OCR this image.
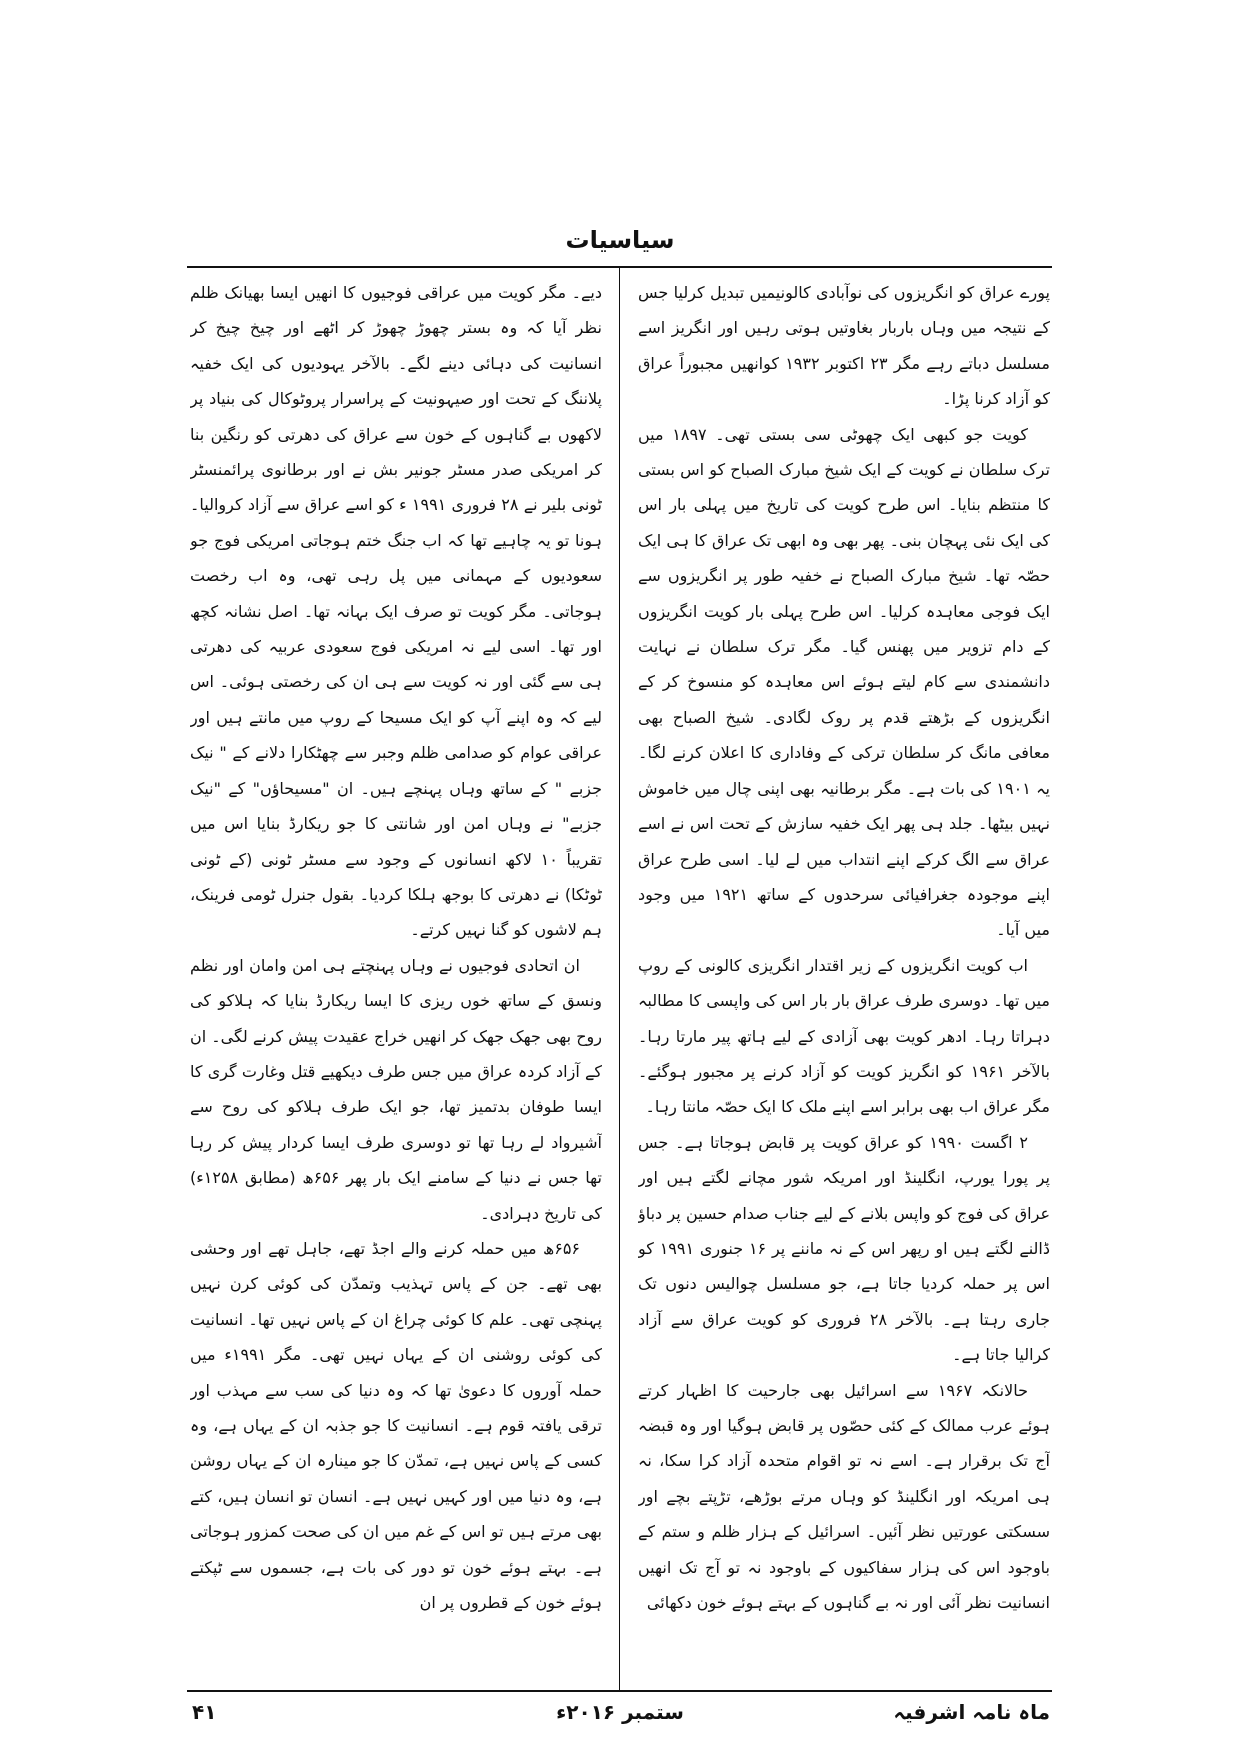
سیاسیات

پورے عراق کو انگریزوں کی نوآبادی کالونیمیں تبدیل کرلیا جس کے نتیجہ میں وہاں باربار بغاوتیں ہوتی رہیں اور انگریز اسے مسلسل دباتے رہے مگر ۲۳ اکتوبر ۱۹۳۲ کوانھیں مجبوراً عراق کو آزاد کرنا پڑا۔

کویت جو کبھی ایک چھوٹی سی بستی تھی۔ ۱۸۹۷ میں ترک سلطان نے کویت کے ایک شیخ مبارک الصباح کو اس بستی کا منتظم بنایا۔ اس طرح کویت کی تاریخ میں پہلی بار اس کی ایک نئی پہچان بنی۔ پھر بھی وہ ابھی تک عراق کا ہی ایک حصّہ تھا۔ شیخ مبارک الصباح نے خفیہ طور پر انگریزوں سے ایک فوجی معاہدہ کرلیا۔ اس طرح پہلی بار کویت انگریزوں کے دام تزویر میں پھنس گیا۔ مگر ترک سلطان نے نہایت دانشمندی سے کام لیتے ہوئے اس معاہدہ کو منسوخ کر کے انگریزوں کے بڑھتے قدم پر روک لگادی۔ شیخ الصباح بھی معافی مانگ کر سلطان ترکی کے وفاداری کا اعلان کرنے لگا۔ یہ ۱۹۰۱ کی بات ہے۔ مگر برطانیہ بھی اپنی چال میں خاموش نہیں بیٹھا۔ جلد ہی پھر ایک خفیہ سازش کے تحت اس نے اسے عراق سے الگ کرکے اپنے انتداب میں لے لیا۔ اسی طرح عراق اپنے موجودہ جغرافیائی سرحدوں کے ساتھ ۱۹۲۱ میں وجود میں آیا۔

اب کویت انگریزوں کے زیر اقتدار انگریزی کالونی کے روپ میں تھا۔ دوسری طرف عراق بار بار اس کی واپسی کا مطالبہ دہراتا رہا۔ ادھر کویت بھی آزادی کے لیے ہاتھ پیر مارتا رہا۔ بالآخر ۱۹۶۱ کو انگریز کویت کو آزاد کرنے پر مجبور ہوگئے۔ مگر عراق اب بھی برابر اسے اپنے ملک کا ایک حصّہ مانتا رہا۔

۲ اگست ۱۹۹۰ کو عراق کویت پر قابض ہوجاتا ہے۔ جس پر پورا یورپ، انگلینڈ اور امریکہ شور مچانے لگتے ہیں اور عراق کی فوج کو واپس بلانے کے لیے جناب صدام حسین پر دباؤ ڈالنے لگتے ہیں او رپھر اس کے نہ ماننے پر ۱۶ جنوری ۱۹۹۱ کو اس پر حملہ کردیا جاتا ہے، جو مسلسل چوالیس دنوں تک جاری رہتا ہے۔ بالآخر ۲۸ فروری کو کویت عراق سے آزاد کرالیا جاتا ہے۔

حالانکہ ۱۹۶۷ سے اسرائیل بھی جارحیت کا اظہار کرتے ہوئے عرب ممالک کے کئی حصّوں پر قابض ہوگیا اور وہ قبضہ آج تک برقرار ہے۔ اسے نہ تو اقوام متحدہ آزاد کرا سکا، نہ ہی امریکہ اور انگلینڈ کو وہاں مرتے بوڑھے، تڑپتے بچے اور سسکتی عورتیں نظر آئیں۔ اسرائیل کے ہزار ظلم و ستم کے باوجود اس کی ہزار سفاکیوں کے باوجود نہ تو آج تک انھیں انسانیت نظر آئی اور نہ بے گناہوں کے بہتے ہوئے خون دکھائی

دیے۔ مگر کویت میں عراقی فوجیوں کا انھیں ایسا بھیانک ظلم نظر آیا کہ وہ بستر چھوڑ چھوڑ کر اٹھے اور چیخ چیخ کر انسانیت کی دہائی دینے لگے۔ بالآخر یہودیوں کی ایک خفیہ پلاننگ کے تحت اور صیہونیت کے پراسرار پروٹوکال کی بنیاد پر لاکھوں بے گناہوں کے خون سے عراق کی دھرتی کو رنگین بنا کر امریکی صدر مسٹر جونیر بش نے اور برطانوی پرائمنسٹر ٹونی بلیر نے ۲۸ فروری ۱۹۹۱ ء کو اسے عراق سے آزاد کروالیا۔ ہونا تو یہ چاہیے تھا کہ اب جنگ ختم ہوجاتی امریکی فوج جو سعودیوں کے مہمانی میں پل رہی تھی، وہ اب رخصت ہوجاتی۔ مگر کویت تو صرف ایک بہانہ تھا۔ اصل نشانہ کچھ اور تھا۔ اسی لیے نہ امریکی فوج سعودی عربیہ کی دھرتی ہی سے گئی اور نہ کویت سے ہی ان کی رخصتی ہوئی۔ اس لیے کہ وہ اپنے آپ کو ایک مسیحا کے روپ میں مانتے ہیں اور عراقی عوام کو صدامی ظلم وجبر سے چھٹکارا دلانے کے " نیک جزبے " کے ساتھ وہاں پہنچے ہیں۔ ان "مسیحاؤں" کے "نیک جزبے" نے وہاں امن اور شانتی کا جو ریکارڈ بنایا اس میں تقریباً ۱۰ لاکھ انسانوں کے وجود سے مسٹر ٹونی (کے ٹونی ٹوٹکا) نے دھرتی کا بوجھ ہلکا کردیا۔ بقول جنرل ٹومی فرینک، ہم لاشوں کو گنا نہیں کرتے۔

ان اتحادی فوجیوں نے وہاں پہنچتے ہی امن وامان اور نظم ونسق کے ساتھ خوں ریزی کا ایسا ریکارڈ بنایا کہ ہلاکو کی روح بھی جھک جھک کر انھیں خراج عقیدت پیش کرنے لگی۔ ان کے آزاد کردہ عراق میں جس طرف دیکھیے قتل وغارت گری کا ایسا طوفان بدتمیز تھا، جو ایک طرف ہلاکو کی روح سے آشیرواد لے رہا تھا تو دوسری طرف ایسا کردار پیش کر رہا تھا جس نے دنیا کے سامنے ایک بار پھر ۶۵۶ھ (مطابق ۱۲۵۸ء) کی تاریخ دہرادی۔

۶۵۶ھ میں حملہ کرنے والے اجڈ تھے، جاہل تھے اور وحشی بھی تھے۔ جن کے پاس تہذیب وتمدّن کی کوئی کرن نہیں پہنچی تھی۔ علم کا کوئی چراغ ان کے پاس نہیں تھا۔ انسانیت کی کوئی روشنی ان کے یہاں نہیں تھی۔ مگر ۱۹۹۱ء میں حملہ آوروں کا دعویٰ تھا کہ وہ دنیا کی سب سے مہذب اور ترقی یافتہ قوم ہے۔ انسانیت کا جو جذبہ ان کے یہاں ہے، وہ کسی کے پاس نہیں ہے، تمدّن کا جو مینارہ ان کے یہاں روشن ہے، وہ دنیا میں اور کہیں نہیں ہے۔ انسان تو انسان ہیں، کتے بھی مرتے ہیں تو اس کے غم میں ان کی صحت کمزور ہوجاتی ہے۔ بہتے ہوئے خون تو دور کی بات ہے، جسموں سے ٹپکتے ہوئے خون کے قطروں پر ان

ماہ نامہ اشرفیہ
ستمبر ۲۰۱۶ء
۴۱
